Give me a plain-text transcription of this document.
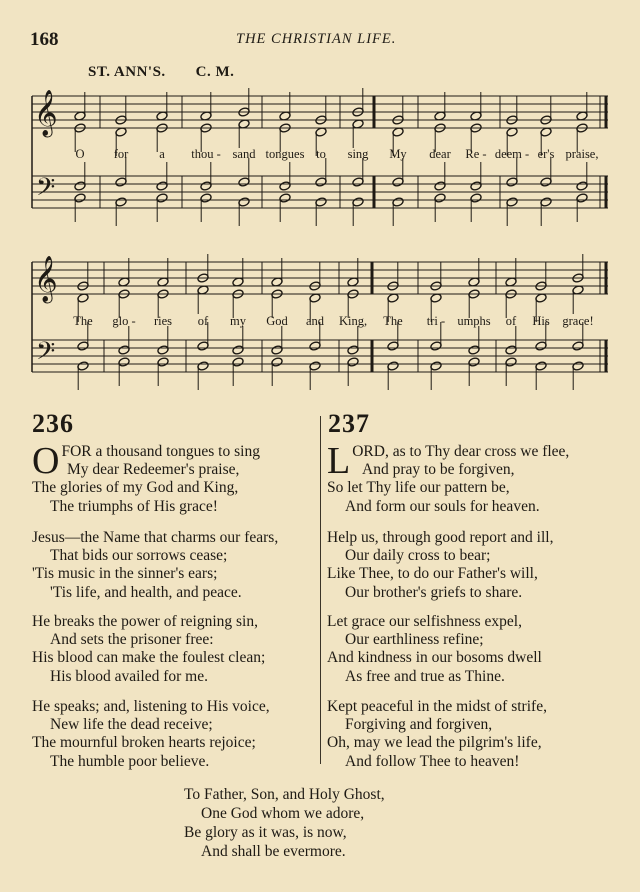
168	THE CHRISTIAN LIFE.
ST. ANN'S. C. M.
𝄞
𝄢
𝄞
𝄢
O for a thou - sand tongues to sing My dear Re - deem - er's praise,
The glo - ries of my God and King, The tri - umphs of His grace!
236	237
O FOR a thousand tongues to sing
My dear Redeemer's praise,
The glories of my God and King,
The triumphs of His grace!
Jesus—the Name that charms our fears,
That bids our sorrows cease;
'Tis music in the sinner's ears;
'Tis life, and health, and peace.
He breaks the power of reigning sin,
And sets the prisoner free:
His blood can make the foulest clean;
His blood availed for me.
He speaks; and, listening to His voice,
New life the dead receive;
The mournful broken hearts rejoice;
The humble poor believe.
LORD, as to Thy dear cross we flee,
And pray to be forgiven,
So let Thy life our pattern be,
And form our souls for heaven.
Help us, through good report and ill,
Our daily cross to bear;
Like Thee, to do our Father's will,
Our brother's griefs to share.
Let grace our selfishness expel,
Our earthliness refine;
And kindness in our bosoms dwell
As free and true as Thine.
Kept peaceful in the midst of strife,
Forgiving and forgiven,
Oh, may we lead the pilgrim's life,
And follow Thee to heaven!
To Father, Son, and Holy Ghost,
One God whom we adore,
Be glory as it was, is now,
And shall be evermore.
